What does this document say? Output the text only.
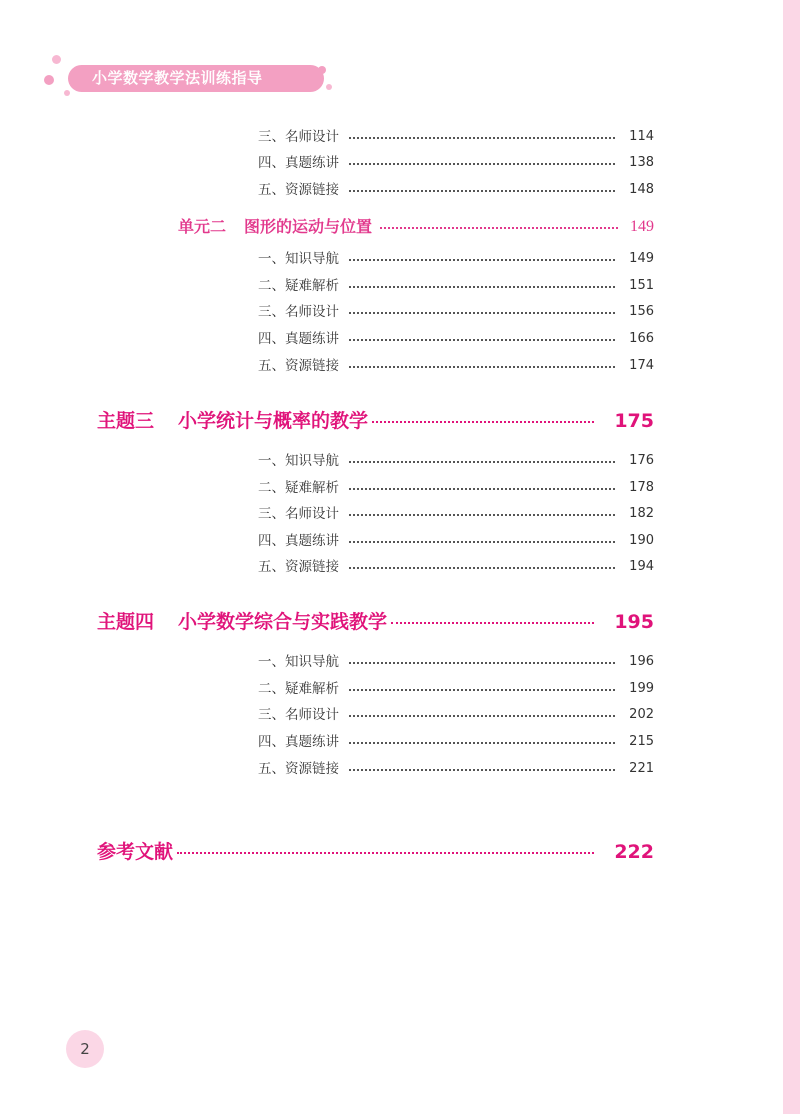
小学数学教学法训练指导
三、名师设计	114
四、真题练讲	138
五、资源链接	148
单元二 图形的运动与位置	149
一、知识导航	149
二、疑难解析	151
三、名师设计	156
四、真题练讲	166
五、资源链接	174
主题三 小学统计与概率的教学	175
一、知识导航	176
二、疑难解析	178
三、名师设计	182
四、真题练讲	190
五、资源链接	194
主题四 小学数学综合与实践教学	195
一、知识导航	196
二、疑难解析	199
三、名师设计	202
四、真题练讲	215
五、资源链接	221
参考文献	222
2
